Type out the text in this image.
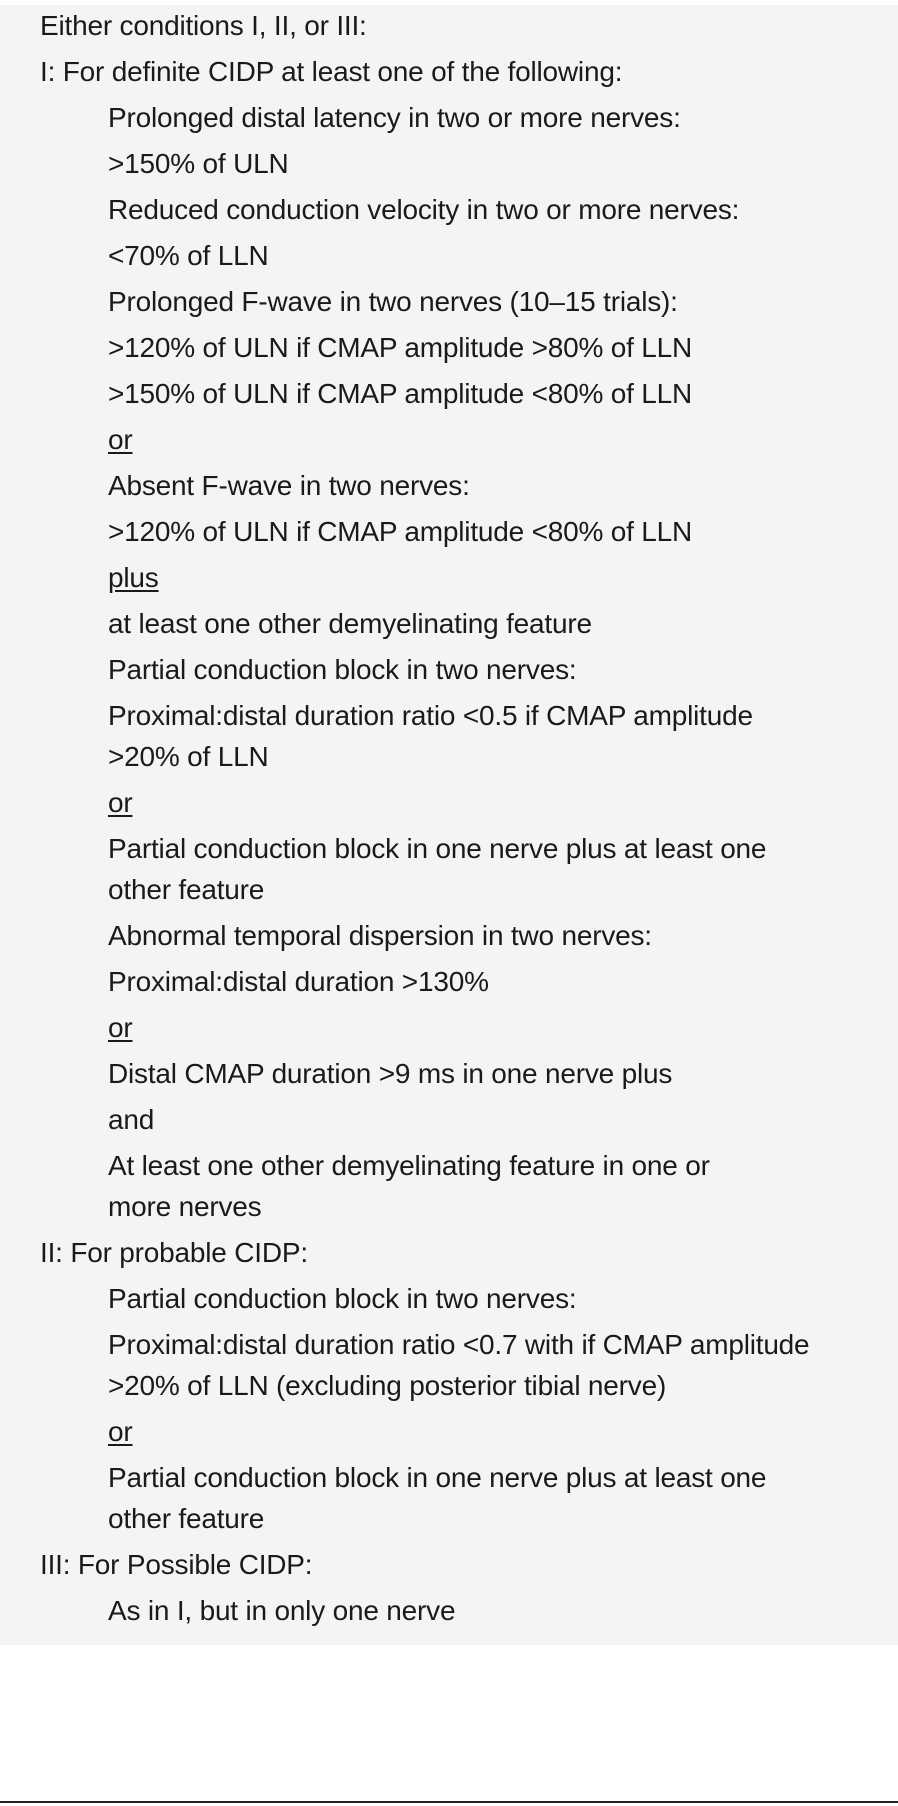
Either conditions I, II, or III:
I: For definite CIDP at least one of the following:
Prolonged distal latency in two or more nerves:
>150% of ULN
Reduced conduction velocity in two or more nerves:
<70% of LLN
Prolonged F-wave in two nerves (10–15 trials):
>120% of ULN if CMAP amplitude >80% of LLN
>150% of ULN if CMAP amplitude <80% of LLN
or
Absent F-wave in two nerves:
>120% of ULN if CMAP amplitude <80% of LLN
plus
at least one other demyelinating feature
Partial conduction block in two nerves:
Proximal:distal duration ratio <0.5 if CMAP amplitude
>20% of LLN
or
Partial conduction block in one nerve plus at least one
other feature
Abnormal temporal dispersion in two nerves:
Proximal:distal duration >130%
or
Distal CMAP duration >9 ms in one nerve plus
and
At least one other demyelinating feature in one or
more nerves
II: For probable CIDP:
Partial conduction block in two nerves:
Proximal:distal duration ratio <0.7 with if CMAP amplitude
>20% of LLN (excluding posterior tibial nerve)
or
Partial conduction block in one nerve plus at least one
other feature
III: For Possible CIDP:
As in I, but in only one nerve
